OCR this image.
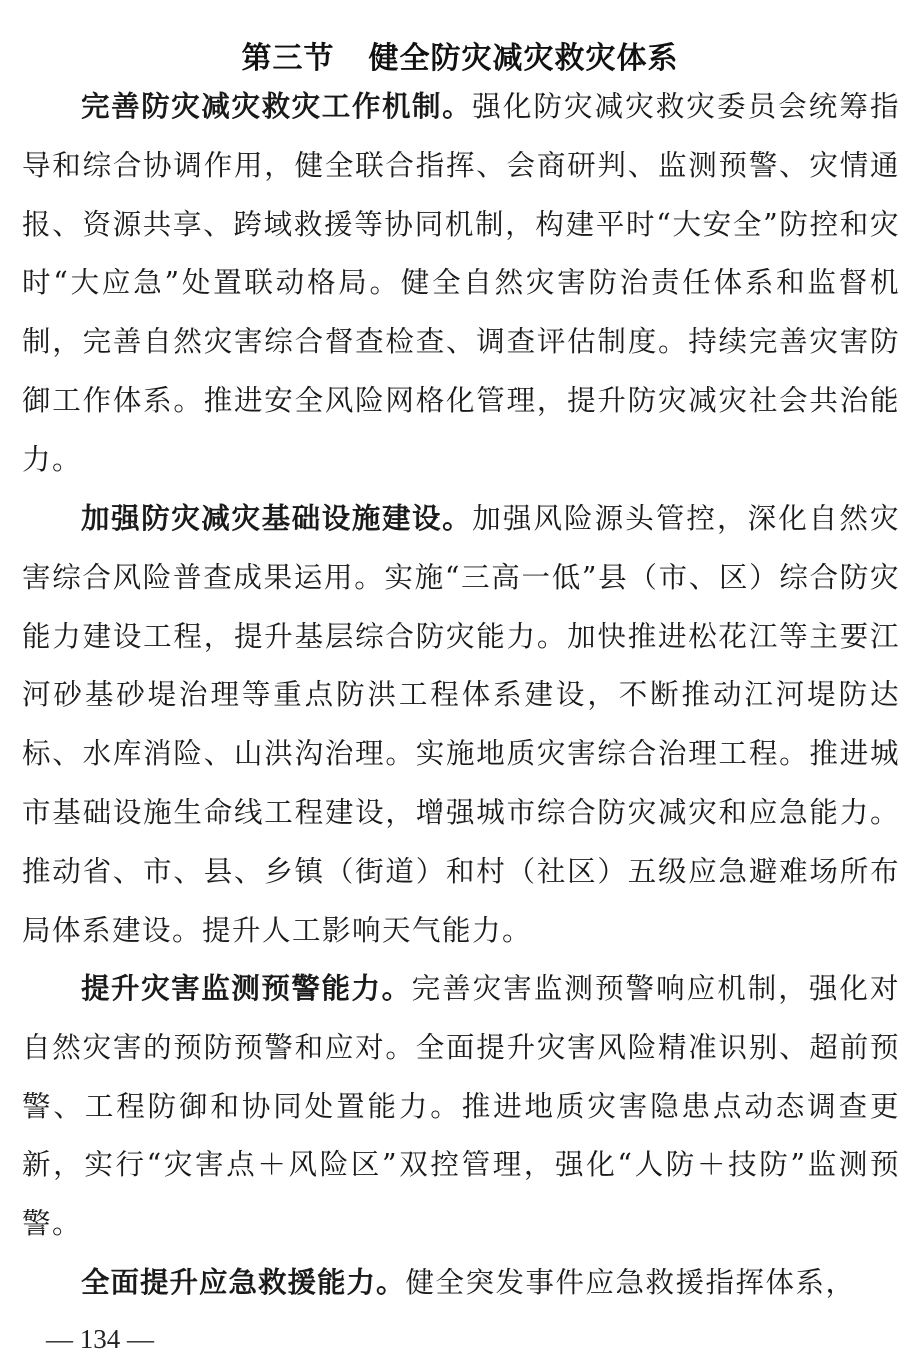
第三节 健全防灾减灾救灾体系

完善防灾减灾救灾工作机制。强化防灾减灾救灾委员会统筹指导和综合协调作用，健全联合指挥、会商研判、监测预警、灾情通报、资源共享、跨域救援等协同机制，构建平时“大安全”防控和灾时“大应急”处置联动格局。健全自然灾害防治责任体系和监督机制，完善自然灾害综合督查检查、调查评估制度。持续完善灾害防御工作体系。推进安全风险网格化管理，提升防灾减灾社会共治能力。

加强防灾减灾基础设施建设。加强风险源头管控，深化自然灾害综合风险普查成果运用。实施“三高一低”县（市、区）综合防灾能力建设工程，提升基层综合防灾能力。加快推进松花江等主要江河砂基砂堤治理等重点防洪工程体系建设，不断推动江河堤防达标、水库消险、山洪沟治理。实施地质灾害综合治理工程。推进城市基础设施生命线工程建设，增强城市综合防灾减灾和应急能力。推动省、市、县、乡镇（街道）和村（社区）五级应急避难场所布局体系建设。提升人工影响天气能力。

提升灾害监测预警能力。完善灾害监测预警响应机制，强化对自然灾害的预防预警和应对。全面提升灾害风险精准识别、超前预警、工程防御和协同处置能力。推进地质灾害隐患点动态调查更新，实行“灾害点＋风险区”双控管理，强化“人防＋技防”监测预警。

全面提升应急救援能力。健全突发事件应急救援指挥体系，

— 134 —
